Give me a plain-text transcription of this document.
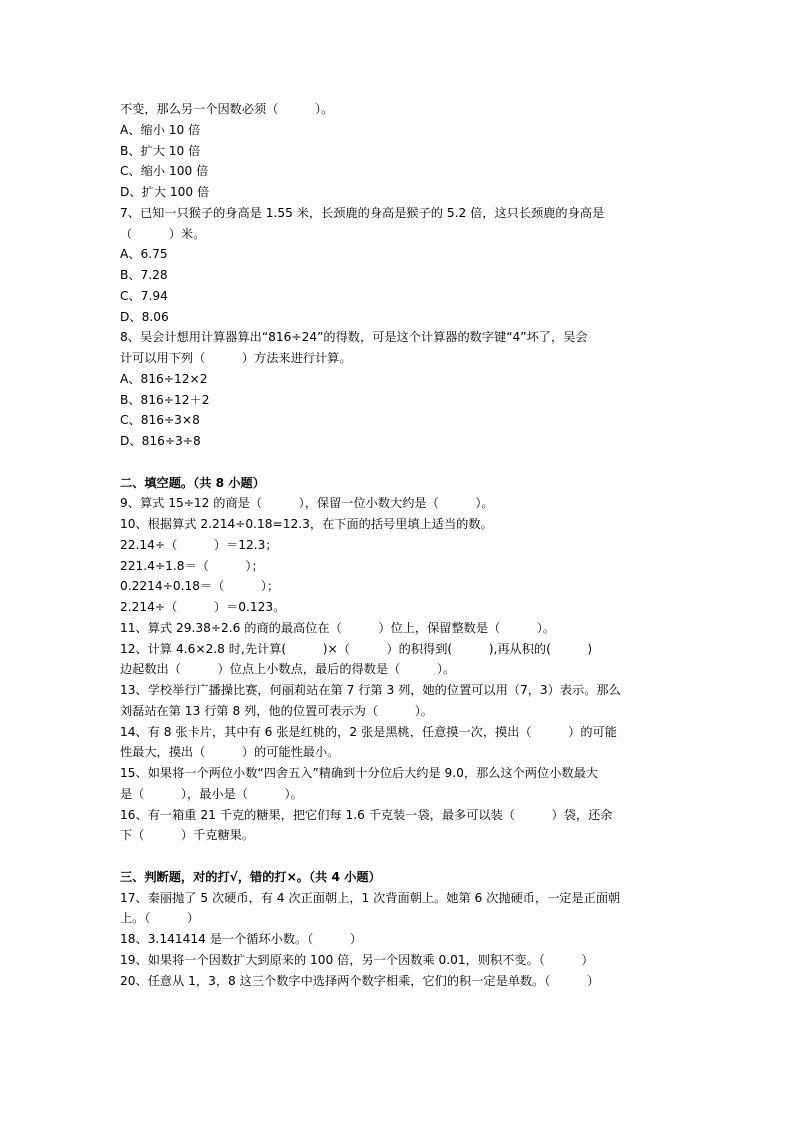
不变，那么另一个因数必须（　　　）。
A、缩小 10 倍
B、扩大 10 倍
C、缩小 100 倍
D、扩大 100 倍
7、已知一只猴子的身高是 1.55 米，长颈鹿的身高是猴子的 5.2 倍，这只长颈鹿的身高是
（　　　）米。
A、6.75
B、7.28
C、7.94
D、8.06
8、吴会计想用计算器算出“816÷24”的得数，可是这个计算器的数字键“4”坏了，吴会
计可以用下列（　　　）方法来进行计算。
A、816÷12×2
B、816÷12＋2
C、816÷3×8
D、816÷3÷8
二、填空题。（共 8 小题）
9、算式 15÷12 的商是（　　　），保留一位小数大约是（　　　）。
10、根据算式 2.214÷0.18=12.3，在下面的括号里填上适当的数。
22.14÷（　　　）＝12.3；
221.4÷1.8＝（　　　）；
0.2214÷0.18＝（　　　）；
2.214÷（　　　）＝0.123。
11、算式 29.38÷2.6 的商的最高位在（　　　）位上，保留整数是（　　　）。
12、计算 4.6×2.8 时,先计算(　　　)×（　　　）的积得到(　　　),再从积的(　　　)
边起数出（　　　）位点上小数点，最后的得数是（　　　）。
13、学校举行广播操比赛，何丽莉站在第 7 行第 3 列，她的位置可以用（7，3）表示。那么
刘磊站在第 13 行第 8 列，他的位置可表示为（　　　）。
14、有 8 张卡片，其中有 6 张是红桃的，2 张是黑桃，任意摸一次，摸出（　　　）的可能
性最大，摸出（　　　）的可能性最小。
15、如果将一个两位小数“四舍五入”精确到十分位后大约是 9.0，那么这个两位小数最大
是（　　　），最小是（　　　）。
16、有一箱重 21 千克的糖果，把它们每 1.6 千克装一袋，最多可以装（　　　）袋，还余
下（　　　）千克糖果。
三、判断题，对的打√，错的打×。（共 4 小题）
17、秦丽抛了 5 次硬币，有 4 次正面朝上，1 次背面朝上。她第 6 次抛硬币，一定是正面朝
上。（　　　）
18、3.141414 是一个循环小数。（　　　）
19、如果将一个因数扩大到原来的 100 倍，另一个因数乘 0.01，则积不变。（　　　）
20、任意从 1，3，8 这三个数字中选择两个数字相乘，它们的积一定是单数。（　　　）
